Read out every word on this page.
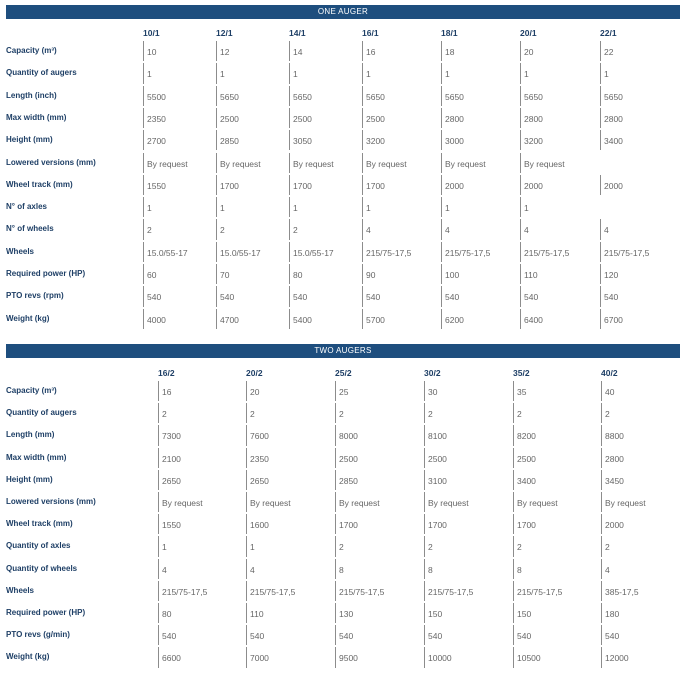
ONE AUGER
10/1	12/1	14/1	16/1	18/1	20/1	22/1
Capacity (m³)	10	12	14	16	18	20	22
Quantity of augers	1	1	1	1	1	1	1
Length (inch)	5500	5650	5650	5650	5650	5650	5650
Max width (mm)	2350	2500	2500	2500	2800	2800	2800
Height (mm)	2700	2850	3050	3200	3000	3200	3400
Lowered versions (mm)	By request	By request	By request	By request	By request	By request
Wheel track (mm)	1550	1700	1700	1700	2000	2000	2000
N° of axles	1	1	1	1	1	1
N° of wheels	2	2	2	4	4	4	4
Wheels	15.0/55-17	15.0/55-17	15.0/55-17	215/75-17,5	215/75-17,5	215/75-17,5	215/75-17,5
Required power (HP)	60	70	80	90	100	110	120
PTO revs (rpm)	540	540	540	540	540	540	540
Weight (kg)	4000	4700	5400	5700	6200	6400	6700
TWO AUGERS
16/2	20/2	25/2	30/2	35/2	40/2
Capacity (m³)	16	20	25	30	35	40
Quantity of augers	2	2	2	2	2	2
Length (mm)	7300	7600	8000	8100	8200	8800
Max width (mm)	2100	2350	2500	2500	2500	2800
Height (mm)	2650	2650	2850	3100	3400	3450
Lowered versions (mm)	By request	By request	By request	By request	By request	By request
Wheel track (mm)	1550	1600	1700	1700	1700	2000
Quantity of axles	1	1	2	2	2	2
Quantity of wheels	4	4	8	8	8	4
Wheels	215/75-17,5	215/75-17,5	215/75-17,5	215/75-17,5	215/75-17,5	385-17,5
Required power (HP)	80	110	130	150	150	180
PTO revs (g/min)	540	540	540	540	540	540
Weight (kg)	6600	7000	9500	10000	10500	12000
